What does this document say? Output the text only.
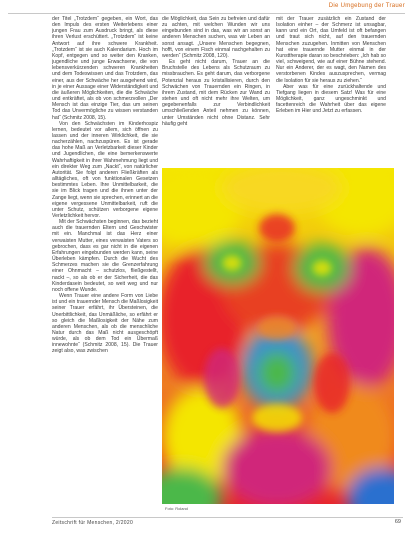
Die Umgebung der Trauer

der Titel „Trotzdem“ gegeben, ein Wort, das den Impuls des ersten Weiterlebens einer jungen Frau zum Ausdruck bringt, als diese ihren Verlust erschüttert. „Trotzdem“ ist keine Antwort auf ihre schwere Krankheit. „Trotzdem“ ist sie auch Kalendarium. Hoch im Kopf, entgegen und so weiter den Kranken, jugendliche und junge Erwachsene, die von lebensverkürzenden schweren Krankheiten und dem Todeswissen und das Trotzdem, das einer, aus der Schwäche her ausgehend wird, in je einer Aussage einer Widerständigkeit und die äußeren Möglichkeiten, die die Schwäche und entkräftet, als ob von schmerzvollen „Der Mensch ist das einzige Tier, das um seinen Tod das Unvermögliche zu wissen verstanden hat“ (Schmitz 2008, 15).

Von den Schwächsten im Kinderhospiz lernen, bedeutet vor allem, sich öffnen zu lassen und der inneren Wirklichkeit, die sie nacherzählen, nachzuspüren. Es ist gerade das hohe Maß an Verletzbarkeit dieser Kinder und Jugendlichen, die eine bemerkenswerte Wahrhaftigkeit in ihrer Wahrnehmung liegt und ein direkter Weg zum „Nackt“, von natürlicher Autorität. Sie folgt anderen Fließkräften als alltägliches, oft von funktionalen Gesetzen bestimmtes Leben. Ihre Unmittelbarkeit, die sie im Blick tragen und die ihnen unter der Zange liegt, wenn sie sprechen, erinnert an die eigene vergessene Unmittelbarkeit, ruft die unter Schutz, schützen verborgene eigene Verletzlichkeit hervor.

Mit der Schwächsten beginnen, das bezieht auch die trauernden Eltern und Geschwister mit ein. Manchmal ist das Herz einer verwaisten Mutter, eines verwaisten Vaters so gebrochen, dass es gar nicht in die eigenen Erfahrungen eingebunden werden kann, seine Überleben kämpfen. Durch die Wucht des Schmerzes machen sie die Grenzerfahrung einer Ohnmacht – schutzlos, fließgestellt, nackt –, so als ob er der Sicherheit, die das Kinderdasein bedeutet, so weit weg und nur noch offene Wunde.

Wenn Trauer eine andere Form von Liebe ist und ein trauernder Mensch die Maßlosigkeit seiner Trauer erfährt, ihr Übersteinen, die Unerbittlichkeit, das Unmäßliche, so erfährt er so gleich die Maßlosigkeit der Nähe zum anderen Menschen, als ob die menschliche Natur durch das Maß nicht ausgeschöpft würde, als ob dem Tod ein Übermaß innewohnte“ (Schmitz 2008, 15). Die Trauer zeigt also, was zwischen

die Möglichkeit, das Sein zu befreien und dafür zu achten, mit welchen Wunden wir uns eingebunden sind in das, was wir an sonst an anderen Menschen suchen, was wir Leben an sonst ansagt. „Unsere Menschen begegnen, hofft, von einem Fisch einmal nachgehalten zu werden“ (Schmitz 2008, 120).

Es geht nicht darum, Trauer an die Bruchstelle des Lebens als Schutzraum zu missbrauchen. Es geht darum, das verborgene Potenzial heraus zu kristallisieren, durch den Schwächen von Trauernden ein Ringen, in ihrem Zustand, mit dem Rücken zur Wand zu stehen und oft nicht mehr ihre Welten, um gegebenenfalls zur Verbindlichkeit umschließenden Anteil nehmen zu können, unter Umständen nicht ohne Distanz. Sehr häufig geht

mit der Trauer zusätzlich ein Zustand der Isolation einher – der Schmerz ist unsagbar, kann und ein Ort, das Umfeld ist oft befangen und traut sich nicht, auf den trauernden Menschen zuzugehen. Inmitten von Menschen hat eine trauernde Mutter einmal in der Kunsttherapie daran so beschrieben: „Ich hab so viel, schweigend, wie auf einer Bühne stehend. Nur ein Anderer, der es wagt, den Namen des verstorbenen Kindes auszusprechen, vermag die Isolation für sie heraus zu ziehen.“

Aber was für eine zurückhaltende und Tiefgang liegen in diesem Satz! Was für eine Möglichkeit, ganz ungeschminkt und facettenreich die Wahrheit über das eigene Erleben im Hier und Jetzt zu erfassen.

Foto: Roland
Zeitschrift für Menschen, 2/2020	69
